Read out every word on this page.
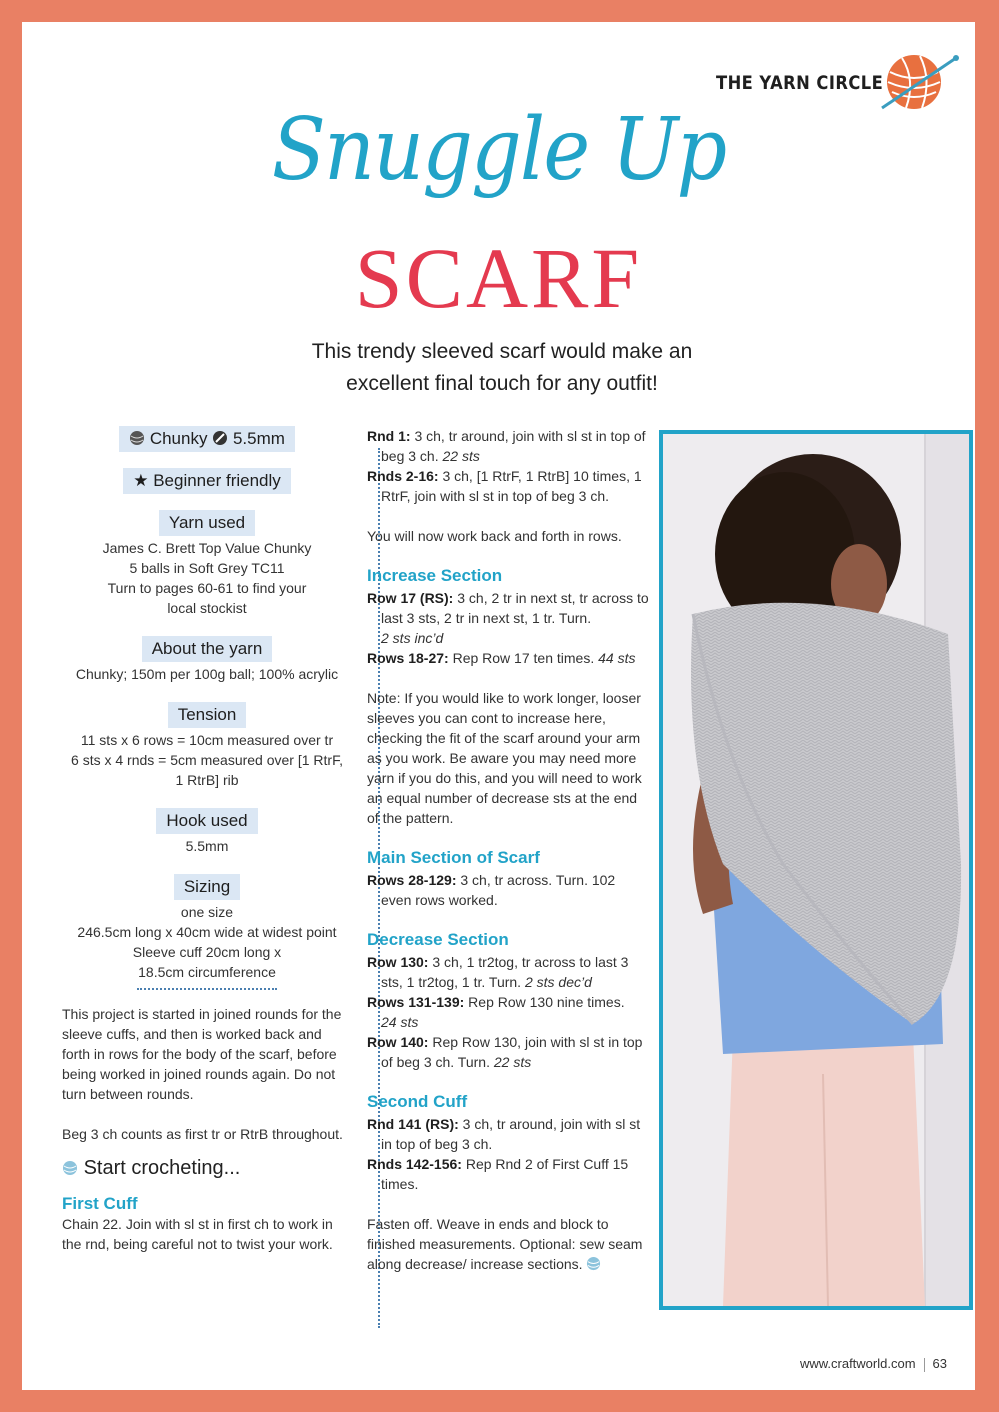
THE YARN CIRCLE
Snuggle Up
SCARF
This trendy sleeved scarf would make an
excellent final touch for any outfit!
Chunky 5.5mm
★ Beginner friendly
Yarn used
James C. Brett Top Value Chunky
5 balls in Soft Grey TC11
Turn to pages 60-61 to find your
local stockist
About the yarn
Chunky; 150m per 100g ball; 100% acrylic
Tension
11 sts x 6 rows = 10cm measured over tr
6 sts x 4 rnds = 5cm measured over [1 RtrF,
1 RtrB] rib
Hook used
5.5mm
Sizing
one size
246.5cm long x 40cm wide at widest point
Sleeve cuff 20cm long x
18.5cm circumference
This project is started in joined rounds for the sleeve cuffs, and then is worked back and forth in rows for the body of the scarf, before being worked in joined rounds again. Do not turn between rounds.
Beg 3 ch counts as first tr or RtrB throughout.
Start crocheting...
First Cuff
Chain 22. Join with sl st in first ch to work in the rnd, being careful not to twist your work.
Rnd 1: 3 ch, tr around, join with sl st in top of beg 3 ch. 22 sts
Rnds 2-16: 3 ch, [1 RtrF, 1 RtrB] 10 times, 1 RtrF, join with sl st in top of beg 3 ch.

You will now work back and forth in rows.

Increase Section
Row 17 (RS): 3 ch, 2 tr in next st, tr across to last 3 sts, 2 tr in next st, 1 tr. Turn.
2 sts inc’d
Rows 18-27: Rep Row 17 ten times. 44 sts

Note: If you would like to work longer, looser sleeves you can cont to increase here, checking the fit of the scarf around your arm as you work. Be aware you may need more yarn if you do this, and you will need to work an equal number of decrease sts at the end of the pattern.

Main Section of Scarf
Rows 28-129: 3 ch, tr across. Turn. 102 even rows worked.
Decrease Section
Row 130: 3 ch, 1 tr2tog, tr across to last 3 sts, 1 tr2tog, 1 tr. Turn. 2 sts dec’d
Rows 131-139: Rep Row 130 nine times.
24 sts
Row 140: Rep Row 130, join with sl st in top of beg 3 ch. Turn. 22 sts
Second Cuff
Rnd 141 (RS): 3 ch, tr around, join with sl st in top of beg 3 ch.
Rnds 142-156: Rep Rnd 2 of First Cuff 15 times.

Fasten off. Weave in ends and block to finished measurements. Optional: sew seam along decrease/ increase sections.

www.craftworld.com 63
